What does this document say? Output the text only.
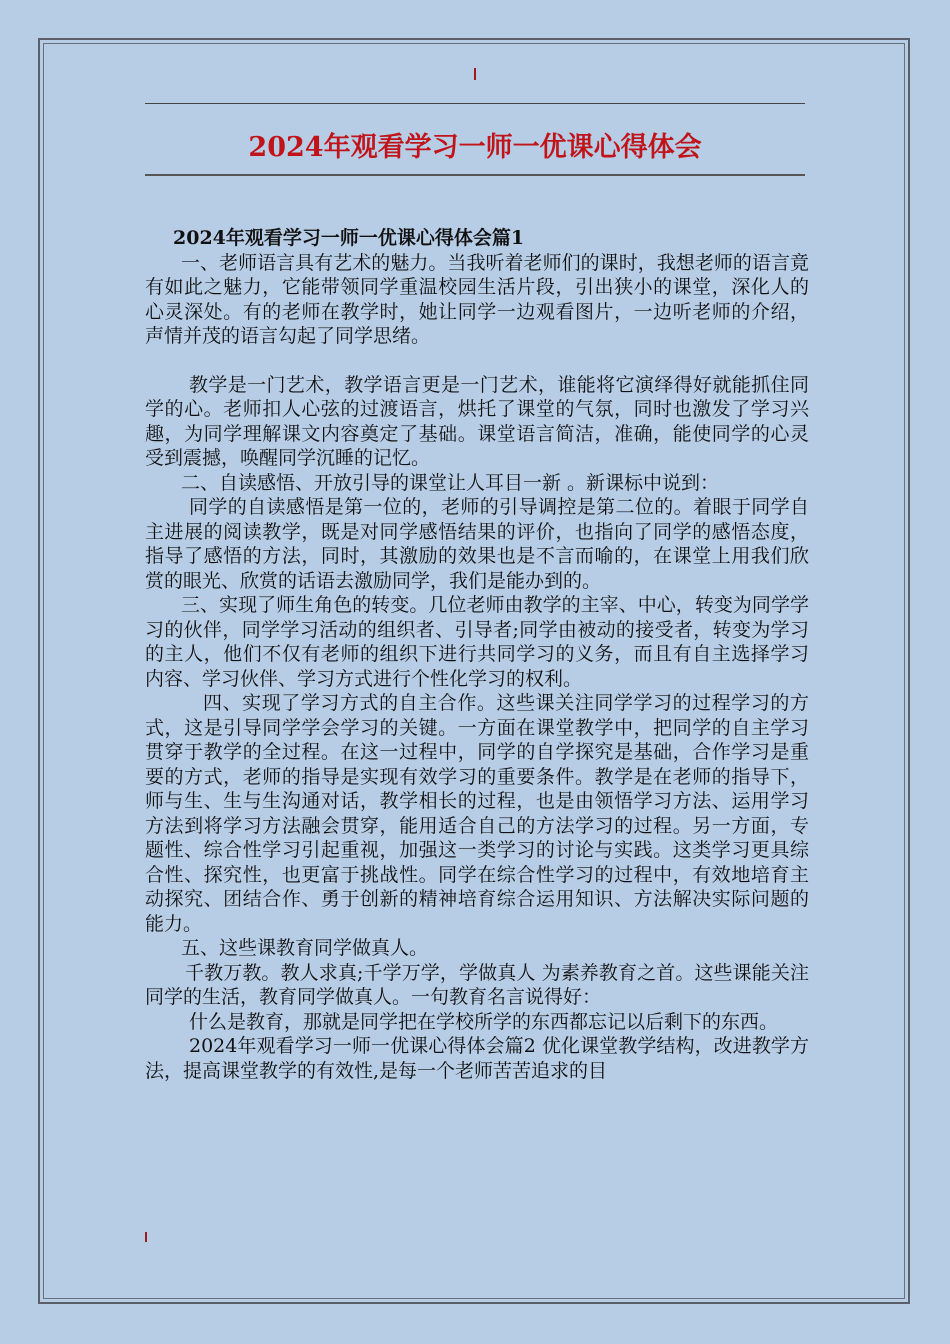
2024年观看学习一师一优课心得体会

2024年观看学习一师一优课心得体会篇1

一、老师语言具有艺术的魅力。当我听着老师们的课时，我想老师的语言竟有如此之魅力，它能带领同学重温校园生活片段，引出狭小的课堂，深化人的心灵深处。有的老师在教学时，她让同学一边观看图片，一边听老师的介绍，声情并茂的语言勾起了同学思绪。

教学是一门艺术，教学语言更是一门艺术，谁能将它演绎得好就能抓住同学的心。老师扣人心弦的过渡语言，烘托了课堂的气氛，同时也激发了学习兴趣，为同学理解课文内容奠定了基础。课堂语言简洁，准确，能使同学的心灵受到震撼，唤醒同学沉睡的记忆。

二、自读感悟、开放引导的课堂让人耳目一新 。新课标中说到：

同学的自读感悟是第一位的，老师的引导调控是第二位的。着眼于同学自主进展的阅读教学，既是对同学感悟结果的评价，也指向了同学的感悟态度，指导了感悟的方法，同时，其激励的效果也是不言而喻的，在课堂上用我们欣赏的眼光、欣赏的话语去激励同学，我们是能办到的。

三、实现了师生角色的转变。几位老师由教学的主宰、中心，转变为同学学习的伙伴，同学学习活动的组织者、引导者;同学由被动的接受者，转变为学习的主人，他们不仅有老师的组织下进行共同学习的义务，而且有自主选择学习内容、学习伙伴、学习方式进行个性化学习的权利。

四、实现了学习方式的自主合作。这些课关注同学学习的过程学习的方式，这是引导同学学会学习的关键。一方面在课堂教学中，把同学的自主学习贯穿于教学的全过程。在这一过程中，同学的自学探究是基础，合作学习是重要的方式，老师的指导是实现有效学习的重要条件。教学是在老师的指导下，师与生、生与生沟通对话，教学相长的过程，也是由领悟学习方法、运用学习方法到将学习方法融会贯穿，能用适合自己的方法学习的过程。另一方面，专题性、综合性学习引起重视，加强这一类学习的讨论与实践。这类学习更具综合性、探究性，也更富于挑战性。同学在综合性学习的过程中，有效地培育主动探究、团结合作、勇于创新的精神培育综合运用知识、方法解决实际问题的能力。

五、这些课教育同学做真人。

千教万教。教人求真;千学万学，学做真人 为素养教育之首。这些课能关注同学的生活，教育同学做真人。一句教育名言说得好：

什么是教育，那就是同学把在学校所学的东西都忘记以后剩下的东西。

2024年观看学习一师一优课心得体会篇2 优化课堂教学结构，改进教学方法，提高课堂教学的有效性,是每一个老师苦苦追求的目
